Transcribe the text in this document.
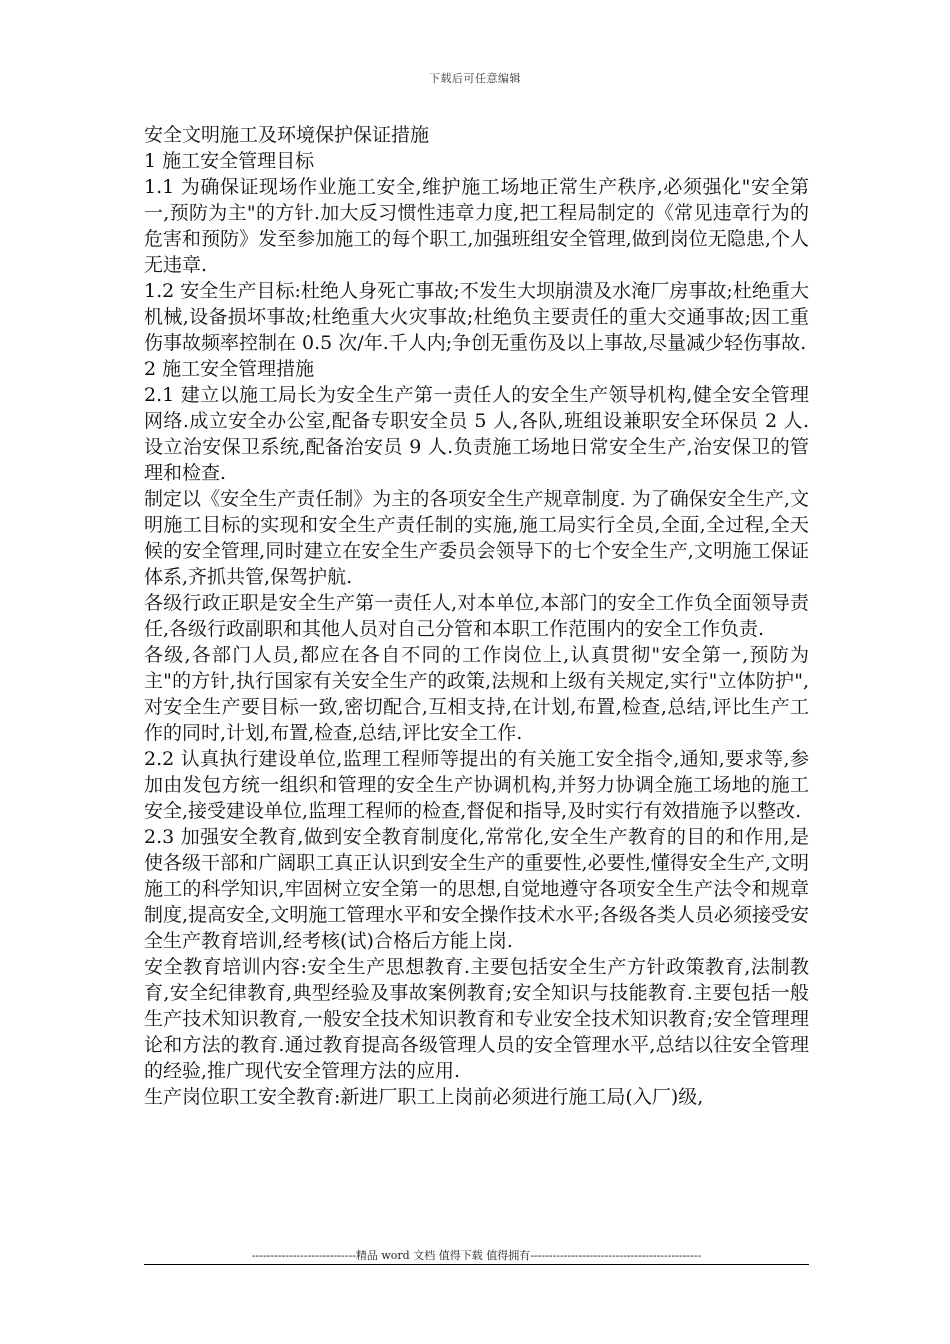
下载后可任意编辑

安全文明施工及环境保护保证措施

1 施工安全管理目标

1.1 为确保证现场作业施工安全,维护施工场地正常生产秩序,必须强化"安全第一,预防为主"的方针.加大反习惯性违章力度,把工程局制定的《常见违章行为的危害和预防》发至参加施工的每个职工,加强班组安全管理,做到岗位无隐患,个人无违章.

1.2 安全生产目标:杜绝人身死亡事故;不发生大坝崩溃及水淹厂房事故;杜绝重大机械,设备损坏事故;杜绝重大火灾事故;杜绝负主要责任的重大交通事故;因工重伤事故频率控制在 0.5 次/年.千人内;争创无重伤及以上事故,尽量减少轻伤事故.

2 施工安全管理措施

2.1 建立以施工局长为安全生产第一责任人的安全生产领导机构,健全安全管理网络.成立安全办公室,配备专职安全员 5 人,各队,班组设兼职安全环保员 2 人.设立治安保卫系统,配备治安员 9 人.负责施工场地日常安全生产,治安保卫的管理和检查.

制定以《安全生产责任制》为主的各项安全生产规章制度. 为了确保安全生产,文明施工目标的实现和安全生产责任制的实施,施工局实行全员,全面,全过程,全天候的安全管理,同时建立在安全生产委员会领导下的七个安全生产,文明施工保证体系,齐抓共管,保驾护航.

各级行政正职是安全生产第一责任人,对本单位,本部门的安全工作负全面领导责任,各级行政副职和其他人员对自己分管和本职工作范围内的安全工作负责.

各级,各部门人员,都应在各自不同的工作岗位上,认真贯彻"安全第一,预防为主"的方针,执行国家有关安全生产的政策,法规和上级有关规定,实行"立体防护",对安全生产要目标一致,密切配合,互相支持,在计划,布置,检查,总结,评比生产工作的同时,计划,布置,检查,总结,评比安全工作.

2.2 认真执行建设单位,监理工程师等提出的有关施工安全指令,通知,要求等,参加由发包方统一组织和管理的安全生产协调机构,并努力协调全施工场地的施工安全,接受建设单位,监理工程师的检查,督促和指导,及时实行有效措施予以整改.

2.3 加强安全教育,做到安全教育制度化,常常化,安全生产教育的目的和作用,是使各级干部和广阔职工真正认识到安全生产的重要性,必要性,懂得安全生产,文明施工的科学知识,牢固树立安全第一的思想,自觉地遵守各项安全生产法令和规章制度,提高安全,文明施工管理水平和安全操作技术水平;各级各类人员必须接受安全生产教育培训,经考核(试)合格后方能上岗.

安全教育培训内容:安全生产思想教育.主要包括安全生产方针政策教育,法制教育,安全纪律教育,典型经验及事故案例教育;安全知识与技能教育.主要包括一般生产技术知识教育,一般安全技术知识教育和专业安全技术知识教育;安全管理理论和方法的教育.通过教育提高各级管理人员的安全管理水平,总结以往安全管理的经验,推广现代安全管理方法的应用.

生产岗位职工安全教育:新进厂职工上岗前必须进行施工局(入厂)级,

----------------------------精品 word 文档 值得下载 值得拥有----------------------------------------------
